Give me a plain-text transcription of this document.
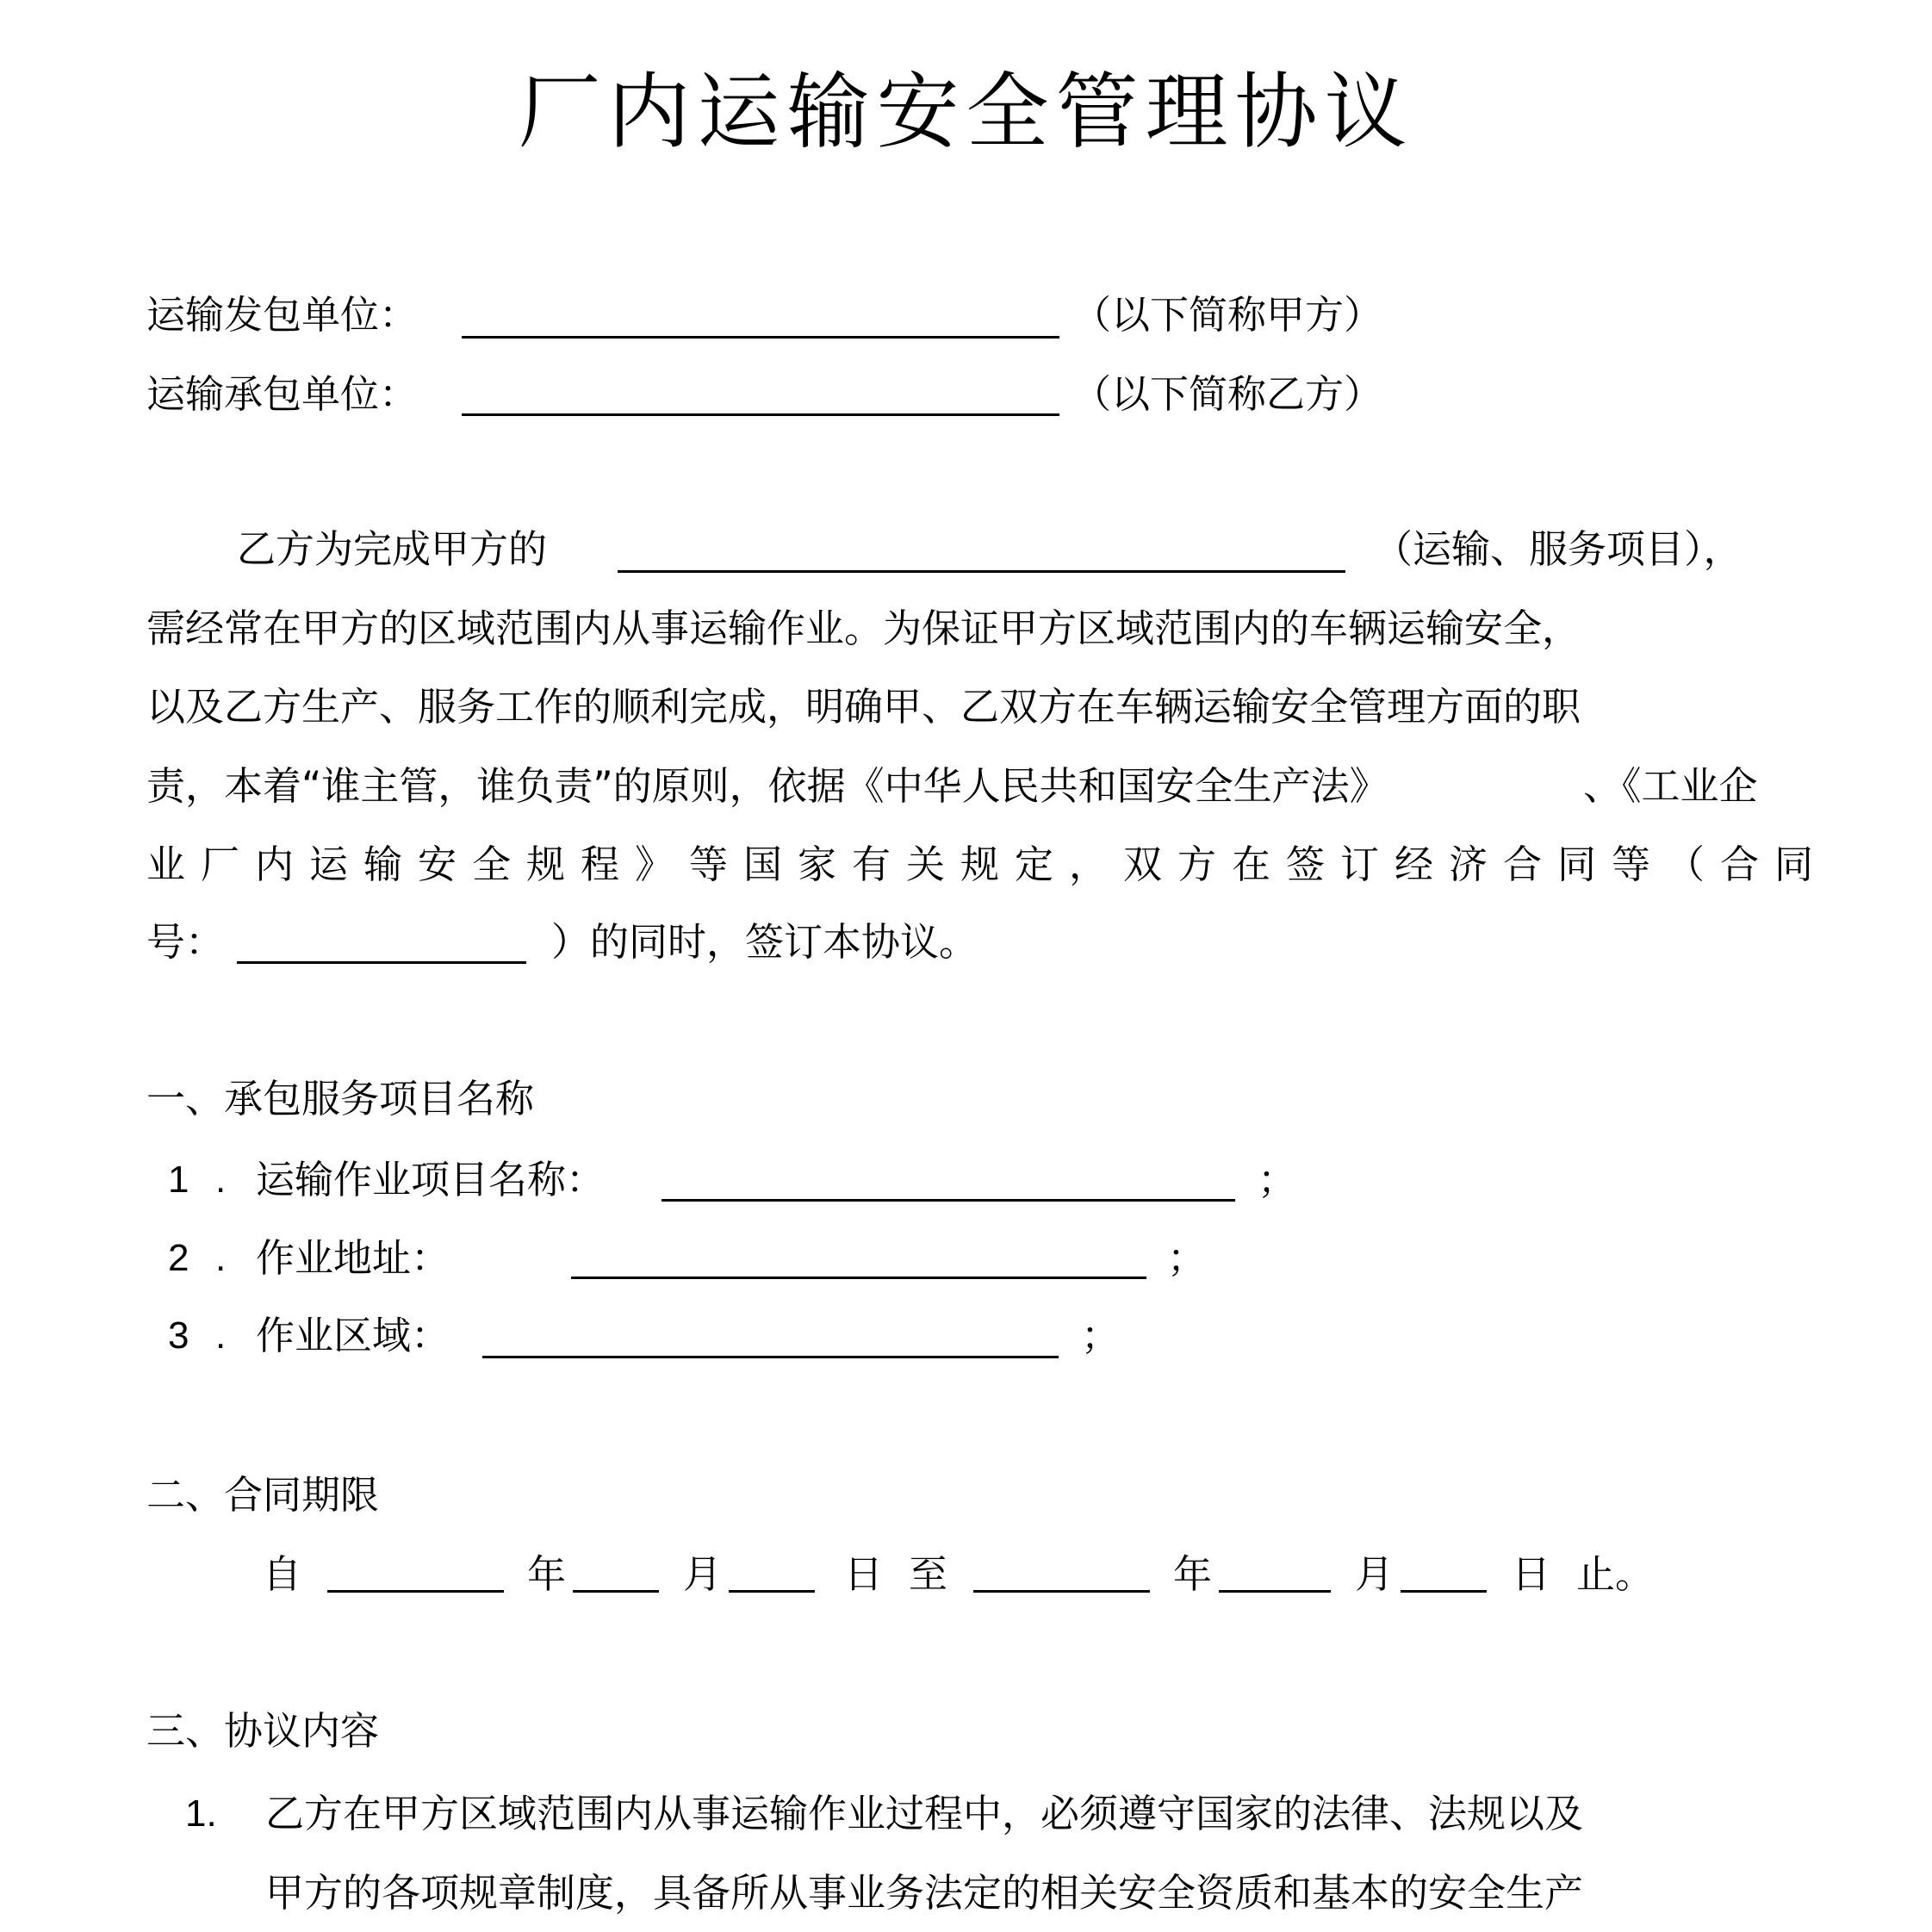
厂内运输安全管理协议
运输发包单位：	（以下简称甲方）
运输承包单位：	（以下简称乙方）
乙方为完成甲方的	（运输、服务项目），
需经常在甲方的区域范围内从事运输作业。为保证甲方区域范围内的车辆运输安全，
以及乙方生产、服务工作的顺利完成，明确甲、乙双方在车辆运输安全管理方面的职
责，本着“谁主管，谁负责”的原则，依据《中华人民共和国安全生产法》	、《工业企
业厂内运输安全规程》等国家有关规定，双方在签订经济合同等（合同
号：	）的同时，签订本协议。
一、承包服务项目名称
1 . 运输作业项目名称：	；
2 . 作业地址：	；
3 . 作业区域：	；
二、合同期限
自	年	月	日 至	年	月	日 止。
三、协议内容
1. 乙方在甲方区域范围内从事运输作业过程中，必须遵守国家的法律、法规以及
甲方的各项规章制度，具备所从事业务法定的相关安全资质和基本的安全生产
